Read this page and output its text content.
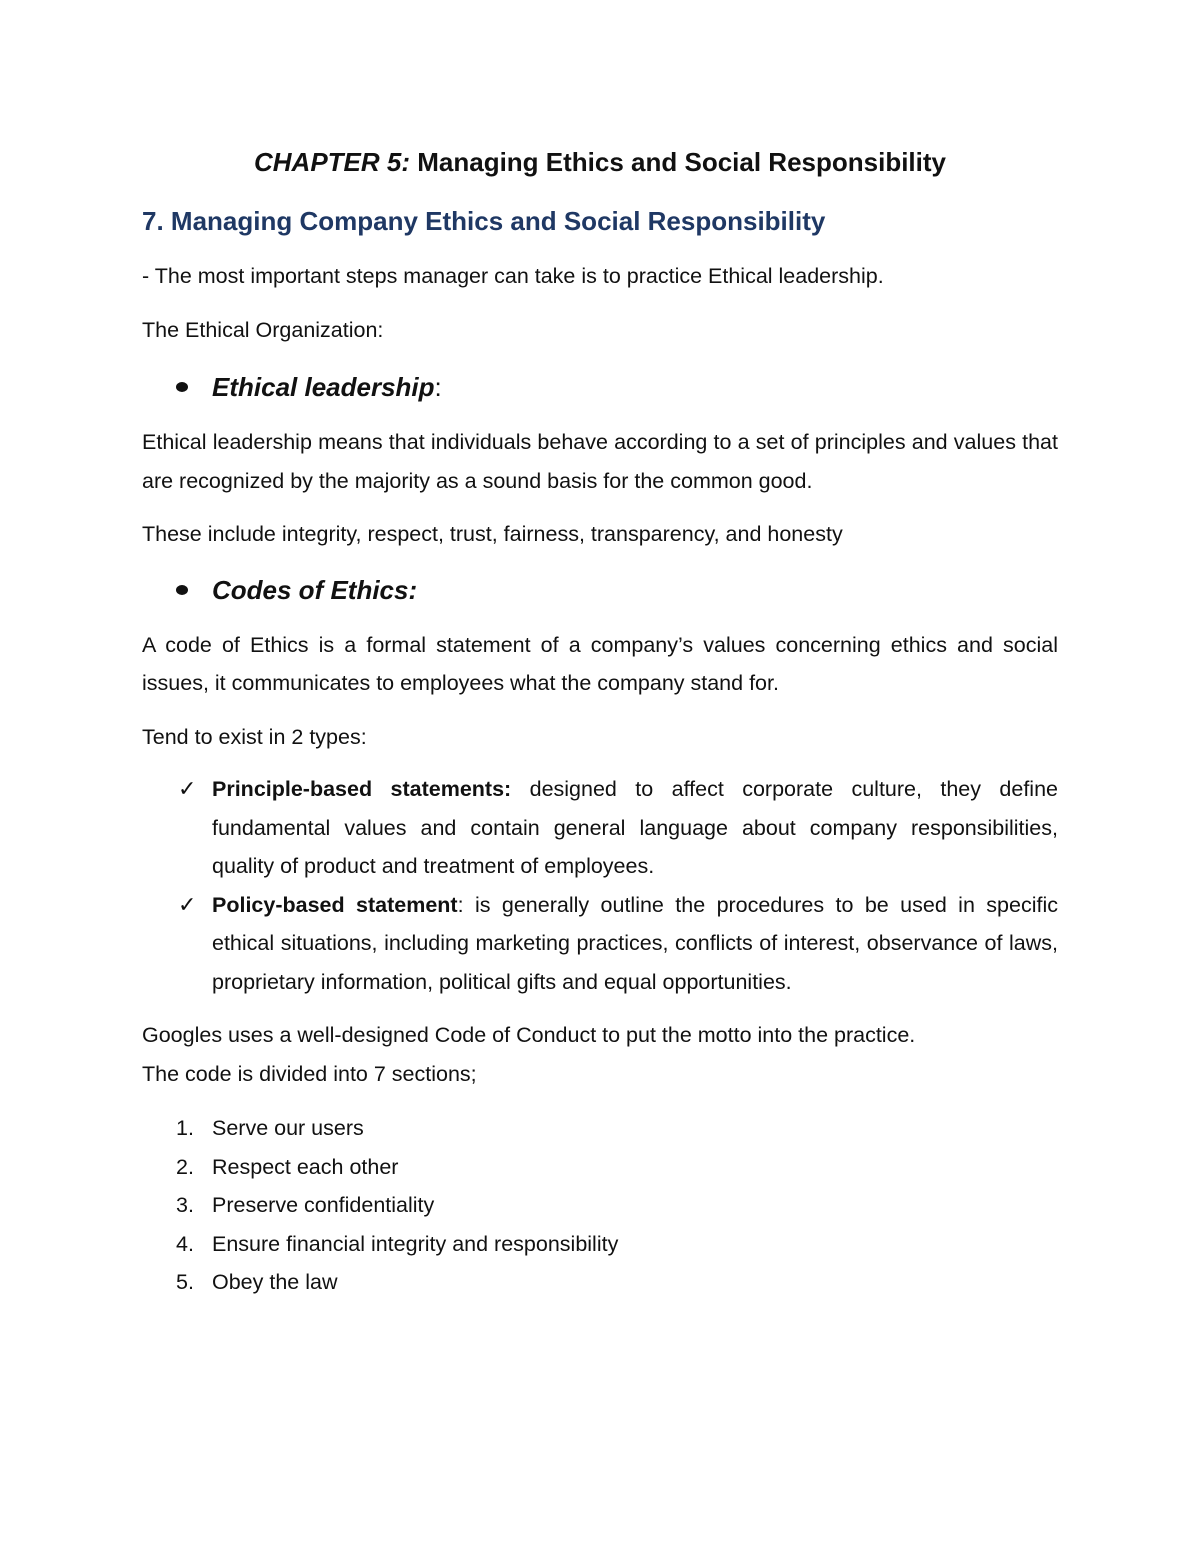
CHAPTER 5: Managing Ethics and Social Responsibility
7. Managing Company Ethics and Social Responsibility

- The most important steps manager can take is to practice Ethical leadership.

The Ethical Organization:

Ethical leadership:

Ethical leadership means that individuals behave according to a set of principles and values that are recognized by the majority as a sound basis for the common good.

These include integrity, respect, trust, fairness, transparency, and honesty

Codes of Ethics:

A code of Ethics is a formal statement of a company’s values concerning ethics and social issues, it communicates to employees what the company stand for.

Tend to exist in 2 types:

✓ Principle-based statements: designed to affect corporate culture, they define fundamental values and contain general language about company responsibilities, quality of product and treatment of employees.
✓ Policy-based statement: is generally outline the procedures to be used in specific ethical situations, including marketing practices, conflicts of interest, observance of laws, proprietary information, political gifts and equal opportunities.

Googles uses a well-designed Code of Conduct to put the motto into the practice.

The code is divided into 7 sections;

1. Serve our users
2. Respect each other
3. Preserve confidentiality
4. Ensure financial integrity and responsibility
5. Obey the law
